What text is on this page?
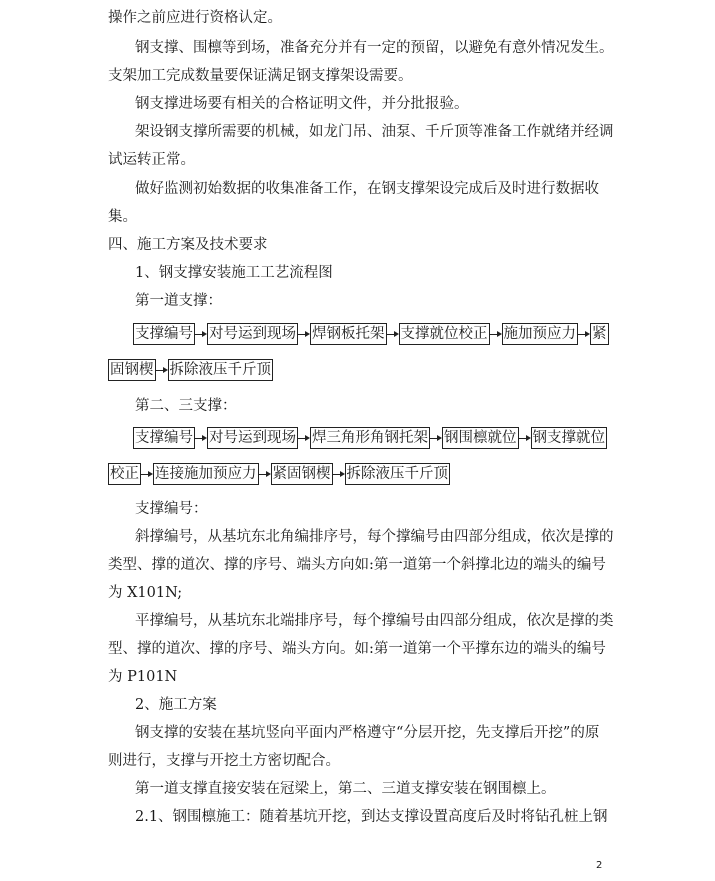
操作之前应进行资格认定。
钢支撑、围檩等到场，准备充分并有一定的预留，以避免有意外情况发生。
支架加工完成数量要保证满足钢支撑架设需要。
钢支撑进场要有相关的合格证明文件，并分批报验。
架设钢支撑所需要的机械，如龙门吊、油泵、千斤顶等准备工作就绪并经调
试运转正常。
做好监测初始数据的收集准备工作，在钢支撑架设完成后及时进行数据收
集。
四、施工方案及技术要求
1、钢支撑安装施工工艺流程图
第一道支撑：
支撑编号 对号运到现场 焊钢板托架 支撑就位校正 施加预应力 紧
固钢楔 拆除液压千斤顶
第二、三支撑：
支撑编号 对号运到现场 焊三角形角钢托架 钢围檩就位 钢支撑就位
校正 连接施加预应力 紧固钢楔 拆除液压千斤顶
支撑编号：
斜撑编号，从基坑东北角编排序号，每个撑编号由四部分组成，依次是撑的
类型、撑的道次、撑的序号、端头方向如:第一道第一个斜撑北边的端头的编号
为 X101N;
平撑编号，从基坑东北端排序号，每个撑编号由四部分组成，依次是撑的类
型、撑的道次、撑的序号、端头方向。如:第一道第一个平撑东边的端头的编号
为 P101N
2、施工方案
钢支撑的安装在基坑竖向平面内严格遵守“分层开挖，先支撑后开挖”的原
则进行，支撑与开挖土方密切配合。
第一道支撑直接安装在冠梁上，第二、三道支撑安装在钢围檩上。
2.1、钢围檩施工：随着基坑开挖，到达支撑设置高度后及时将钻孔桩上钢
2
